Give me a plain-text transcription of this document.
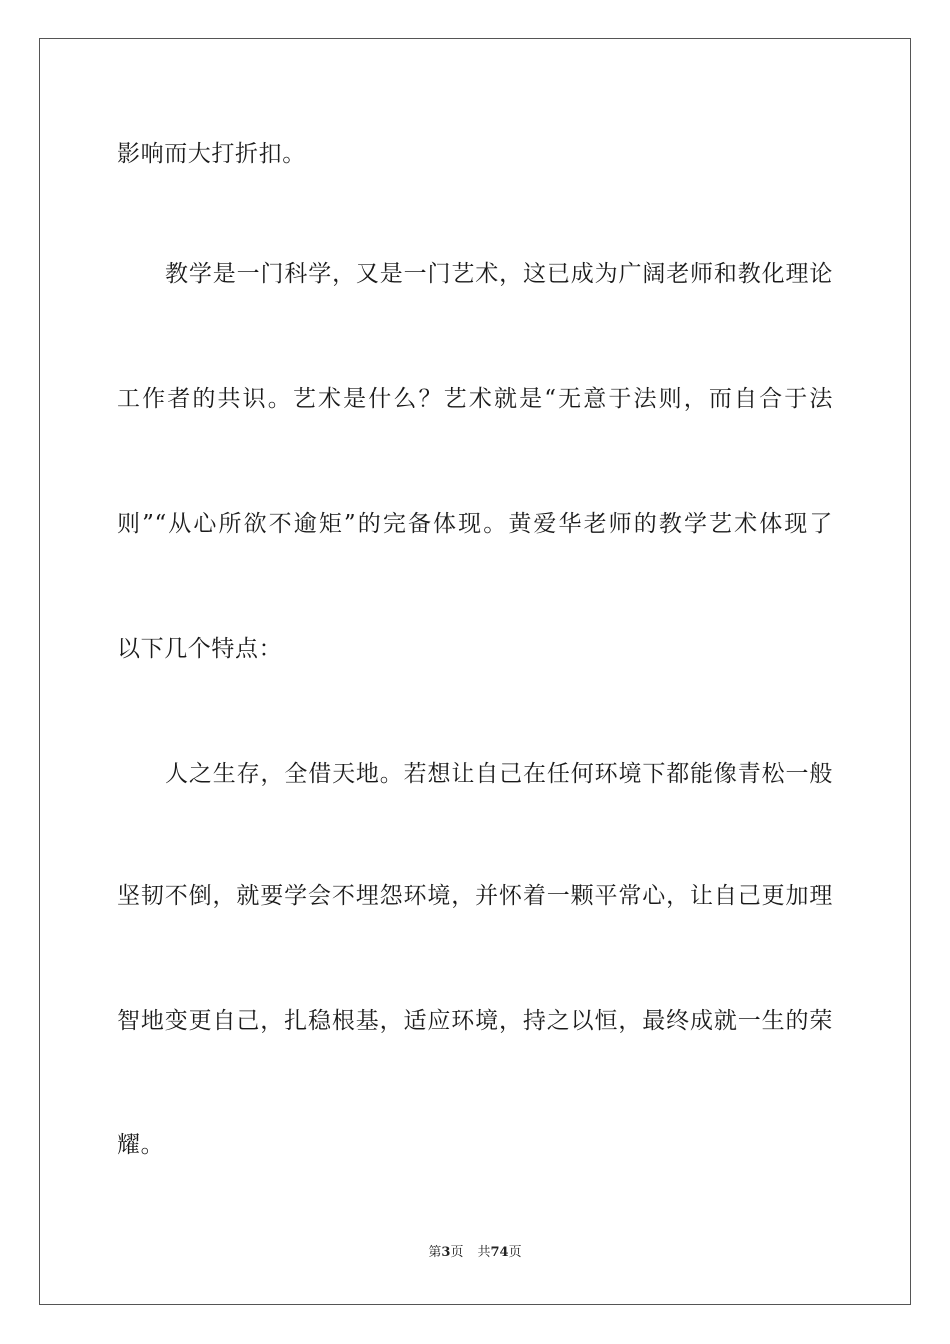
影响而大打折扣。
教学是一门科学，又是一门艺术，这已成为广阔老师和教化理论
工作者的共识。艺术是什么？艺术就是“无意于法则，而自合于法
则”“从心所欲不逾矩”的完备体现。黄爱华老师的教学艺术体现了
以下几个特点：
人之生存，全借天地。若想让自己在任何环境下都能像青松一般
坚韧不倒，就要学会不埋怨环境，并怀着一颗平常心，让自己更加理
智地变更自己，扎稳根基，适应环境，持之以恒，最终成就一生的荣
耀。
第3页 共74页
